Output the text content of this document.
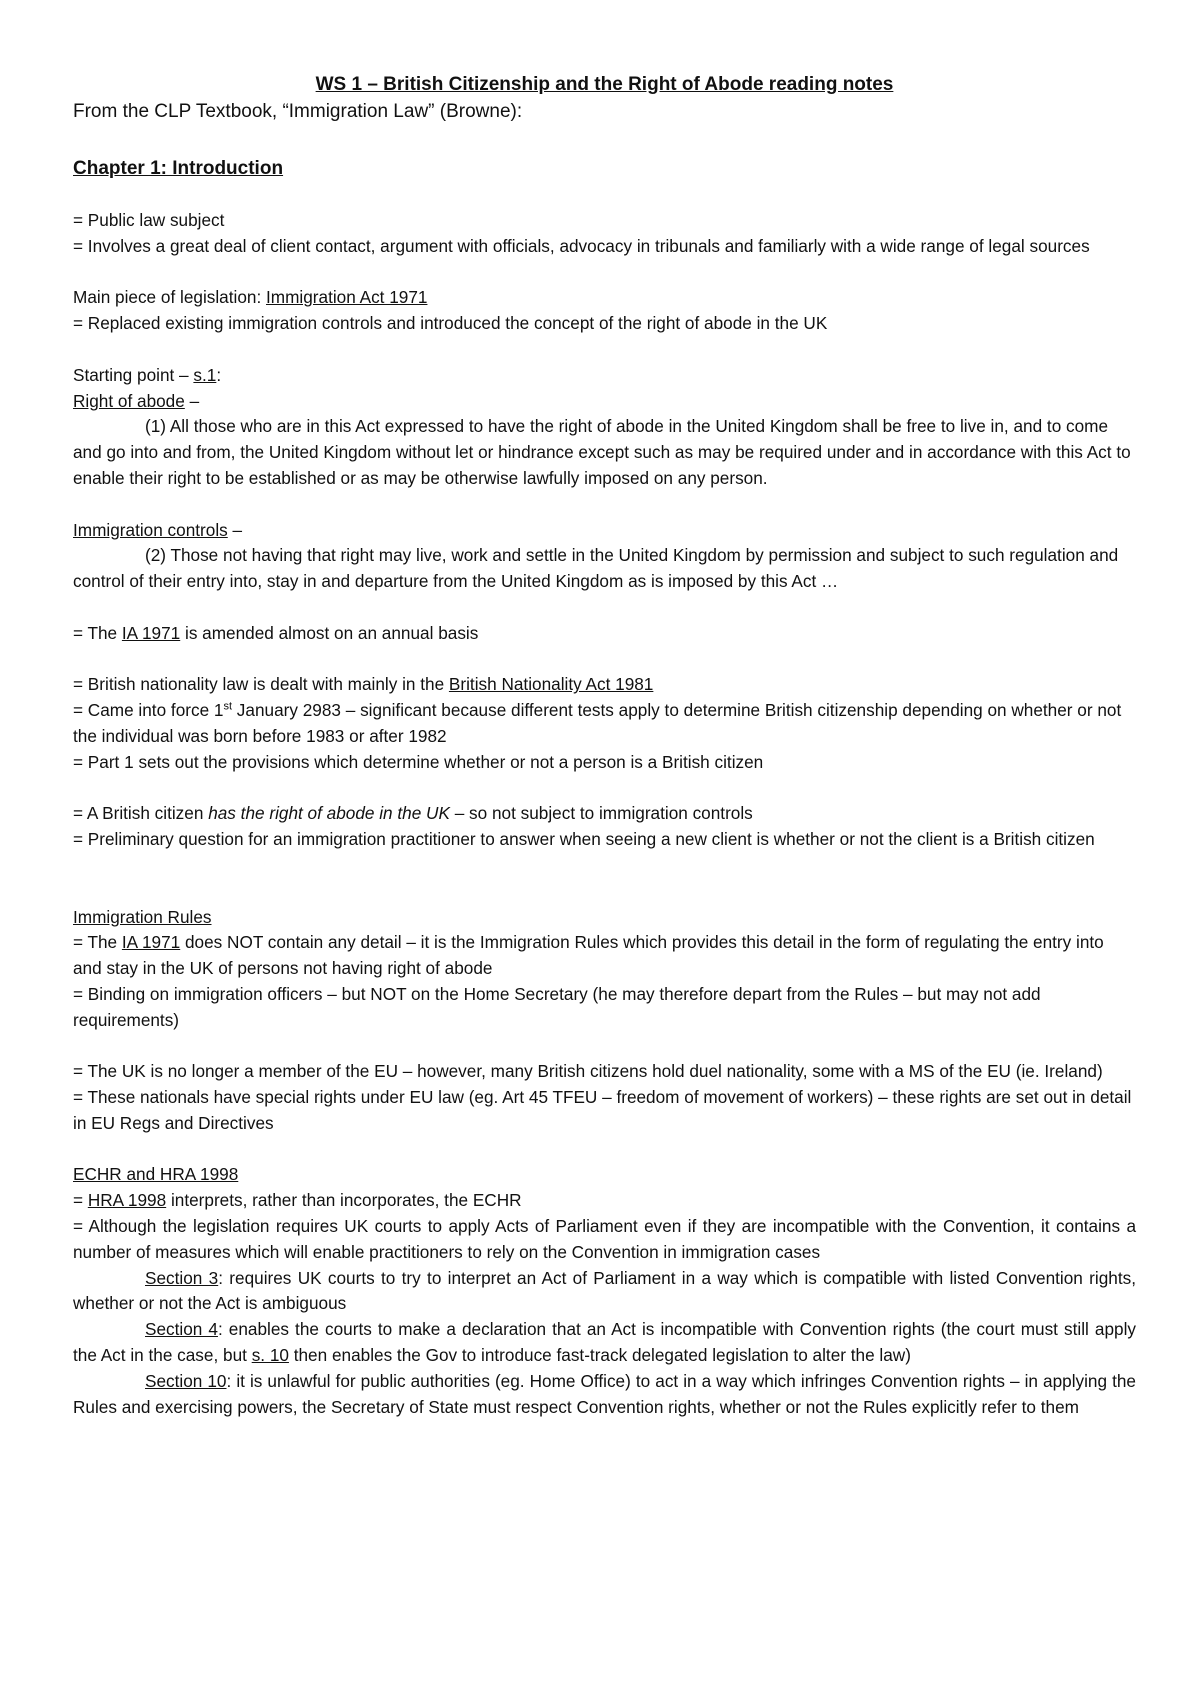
WS 1 – British Citizenship and the Right of Abode reading notes

From the CLP Textbook, “Immigration Law” (Browne):

Chapter 1: Introduction

= Public law subject

= Involves a great deal of client contact, argument with officials, advocacy in tribunals and familiarly with a wide range of legal sources

Main piece of legislation: Immigration Act 1971

= Replaced existing immigration controls and introduced the concept of the right of abode in the UK

Starting point – s.1:

Right of abode –

(1) All those who are in this Act expressed to have the right of abode in the United Kingdom shall be free to live in, and to come and go into and from, the United Kingdom without let or hindrance except such as may be required under and in accordance with this Act to enable their right to be established or as may be otherwise lawfully imposed on any person.

Immigration controls –

(2) Those not having that right may live, work and settle in the United Kingdom by permission and subject to such regulation and control of their entry into, stay in and departure from the United Kingdom as is imposed by this Act …

= The IA 1971 is amended almost on an annual basis

= British nationality law is dealt with mainly in the British Nationality Act 1981

= Came into force 1st January 2983 – significant because different tests apply to determine British citizenship depending on whether or not the individual was born before 1983 or after 1982

= Part 1 sets out the provisions which determine whether or not a person is a British citizen

= A British citizen has the right of abode in the UK – so not subject to immigration controls

= Preliminary question for an immigration practitioner to answer when seeing a new client is whether or not the client is a British citizen

Immigration Rules

= The IA 1971 does NOT contain any detail – it is the Immigration Rules which provides this detail in the form of regulating the entry into and stay in the UK of persons not having right of abode

= Binding on immigration officers – but NOT on the Home Secretary (he may therefore depart from the Rules – but may not add requirements)

= The UK is no longer a member of the EU – however, many British citizens hold duel nationality, some with a MS of the EU (ie. Ireland)

= These nationals have special rights under EU law (eg. Art 45 TFEU – freedom of movement of workers) – these rights are set out in detail in EU Regs and Directives

ECHR and HRA 1998

= HRA 1998 interprets, rather than incorporates, the ECHR

= Although the legislation requires UK courts to apply Acts of Parliament even if they are incompatible with the Convention, it contains a number of measures which will enable practitioners to rely on the Convention in immigration cases

Section 3: requires UK courts to try to interpret an Act of Parliament in a way which is compatible with listed Convention rights, whether or not the Act is ambiguous

Section 4: enables the courts to make a declaration that an Act is incompatible with Convention rights (the court must still apply the Act in the case, but s. 10 then enables the Gov to introduce fast-track delegated legislation to alter the law)

Section 10: it is unlawful for public authorities (eg. Home Office) to act in a way which infringes Convention rights – in applying the Rules and exercising powers, the Secretary of State must respect Convention rights, whether or not the Rules explicitly refer to them
